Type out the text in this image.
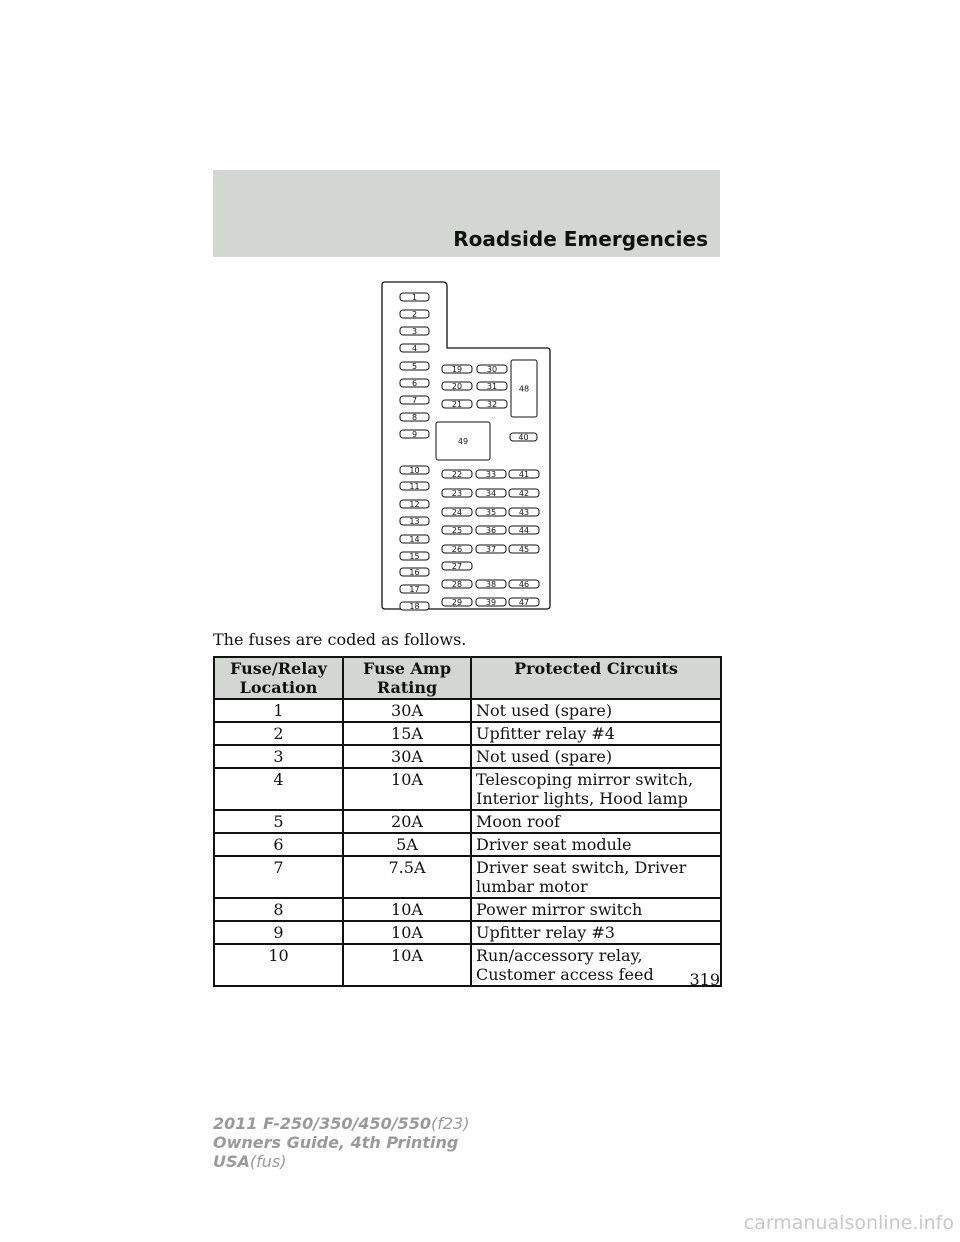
Roadside Emergencies
1
2
3
4
5
6
7
8
9
10
11
12
13
14
15
16
17
18
19
20
21
22
23
24
25
26
27
28
29
30
31
32
33
34
35
36
37
38
39
40
41
42
43
44
45
46
47
48
49
The fuses are coded as follows.
Fuse/Relay Location	Fuse Amp Rating	Protected Circuits
1	30A	Not used (spare)
2	15A	Upfitter relay #4
3	30A	Not used (spare)
4	10A	Telescoping mirror switch, Interior lights, Hood lamp
5	20A	Moon roof
6	5A	Driver seat module
7	7.5A	Driver seat switch, Driver lumbar motor
8	10A	Power mirror switch
9	10A	Upfitter relay #3
10	10A	Run/accessory relay, Customer access feed 319
2011 F-250/350/450/550(f23)
Owners Guide, 4th Printing
USA(fus)
carmanualsonline.info
